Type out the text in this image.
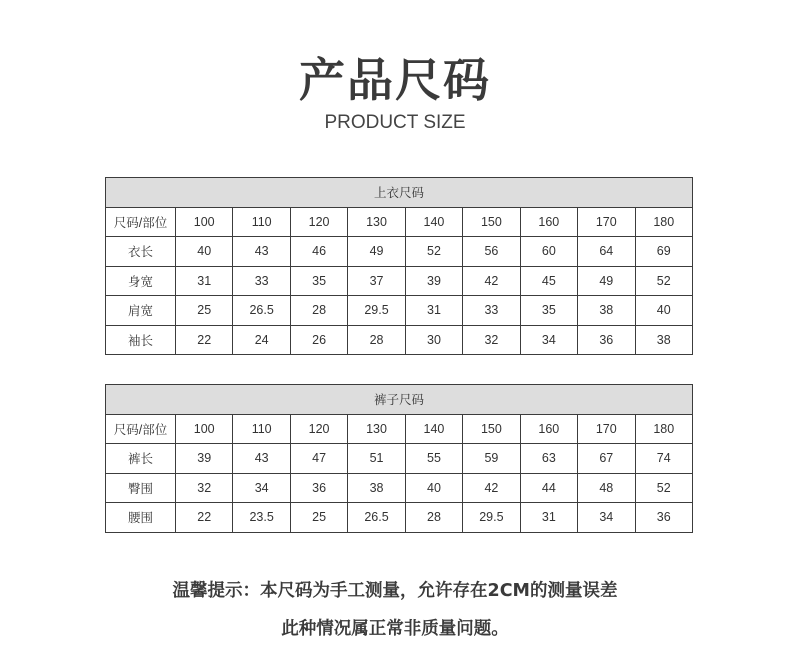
产品尺码
PRODUCT SIZE
上衣尺码									
尺码/部位	100	110	120	130	140	150	160	170	180
衣长	40	43	46	49	52	56	60	64	69
身宽	31	33	35	37	39	42	45	49	52
肩宽	25	26.5	28	29.5	31	33	35	38	40
袖长	22	24	26	28	30	32	34	36	38
裤子尺码									
尺码/部位	100	110	120	130	140	150	160	170	180
裤长	39	43	47	51	55	59	63	67	74
臀围	32	34	36	38	40	42	44	48	52
腰围	22	23.5	25	26.5	28	29.5	31	34	36
温馨提示：本尺码为手工测量，允许存在2CM的测量误差
此种情况属正常非质量问题。
